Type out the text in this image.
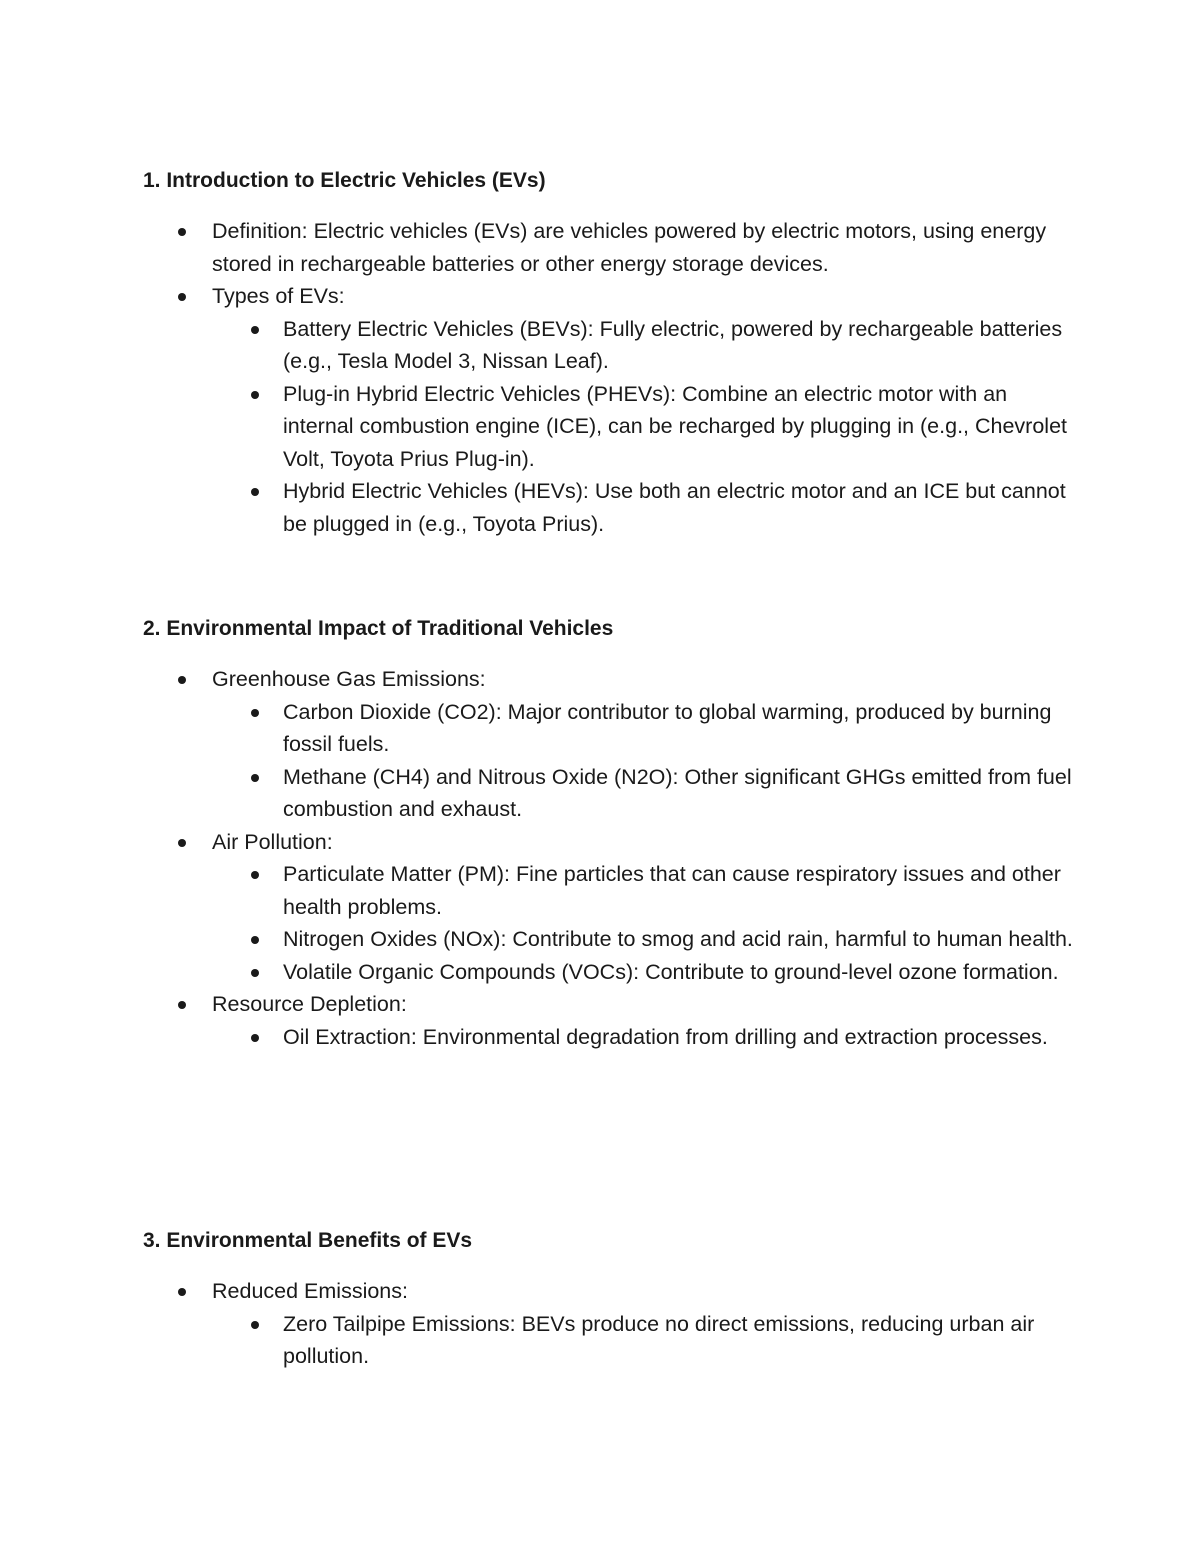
1. Introduction to Electric Vehicles (EVs)
Definition: Electric vehicles (EVs) are vehicles powered by electric motors, using energy stored in rechargeable batteries or other energy storage devices.
Types of EVs:
Battery Electric Vehicles (BEVs): Fully electric, powered by rechargeable batteries (e.g., Tesla Model 3, Nissan Leaf).
Plug-in Hybrid Electric Vehicles (PHEVs): Combine an electric motor with an internal combustion engine (ICE), can be recharged by plugging in (e.g., Chevrolet Volt, Toyota Prius Plug-in).
Hybrid Electric Vehicles (HEVs): Use both an electric motor and an ICE but cannot be plugged in (e.g., Toyota Prius).
2. Environmental Impact of Traditional Vehicles
Greenhouse Gas Emissions:
Carbon Dioxide (CO2): Major contributor to global warming, produced by burning fossil fuels.
Methane (CH4) and Nitrous Oxide (N2O): Other significant GHGs emitted from fuel combustion and exhaust.
Air Pollution:
Particulate Matter (PM): Fine particles that can cause respiratory issues and other health problems.
Nitrogen Oxides (NOx): Contribute to smog and acid rain, harmful to human health.
Volatile Organic Compounds (VOCs): Contribute to ground-level ozone formation.
Resource Depletion:
Oil Extraction: Environmental degradation from drilling and extraction processes.
3. Environmental Benefits of EVs
Reduced Emissions:
Zero Tailpipe Emissions: BEVs produce no direct emissions, reducing urban air pollution.
